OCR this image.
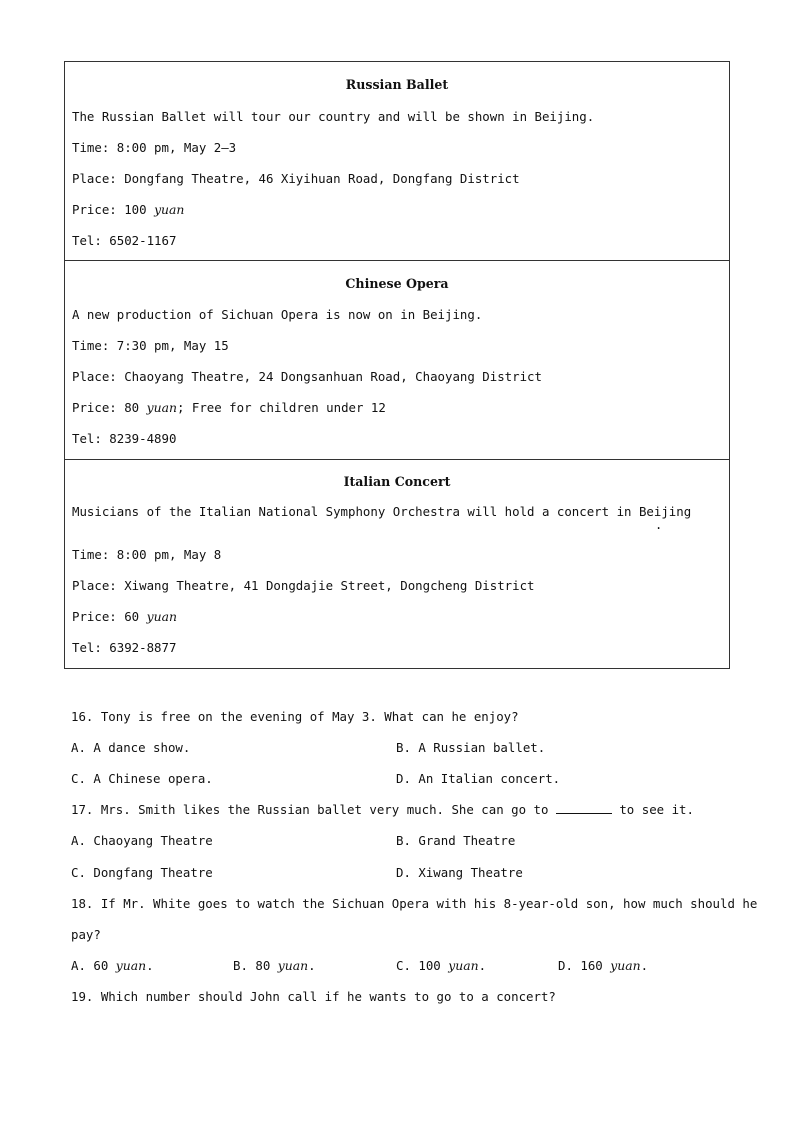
Russian Ballet
The Russian Ballet will tour our country and will be shown in Beijing.
Time: 8:00 pm, May 2—3
Place: Dongfang Theatre, 46 Xiyihuan Road, Dongfang District
Price: 100 yuan
Tel: 6502-1167
Chinese Opera
A new production of Sichuan Opera is now on in Beijing.
Time: 7:30 pm, May 15
Place: Chaoyang Theatre, 24 Dongsanhuan Road, Chaoyang District
Price: 80 yuan; Free for children under 12
Tel: 8239-4890
Italian Concert
Musicians of the Italian National Symphony Orchestra will hold a concert in Beijing
.
Time: 8:00 pm, May 8
Place: Xiwang Theatre, 41 Dongdajie Street, Dongcheng District
Price: 60 yuan
Tel: 6392-8877
16. Tony is free on the evening of May 3. What can he enjoy?
A. A dance show.	B. A Russian ballet.
C. A Chinese opera.	D. An Italian concert.
17. Mrs. Smith likes the Russian ballet very much. She can go to	to see it.
A. Chaoyang Theatre	B. Grand Theatre
C. Dongfang Theatre	D. Xiwang Theatre
18. If Mr. White goes to watch the Sichuan Opera with his 8-year-old son, how much should he
pay?
A. 60 yuan.	B. 80 yuan.	C. 100 yuan.	D. 160 yuan.
19. Which number should John call if he wants to go to a concert?
